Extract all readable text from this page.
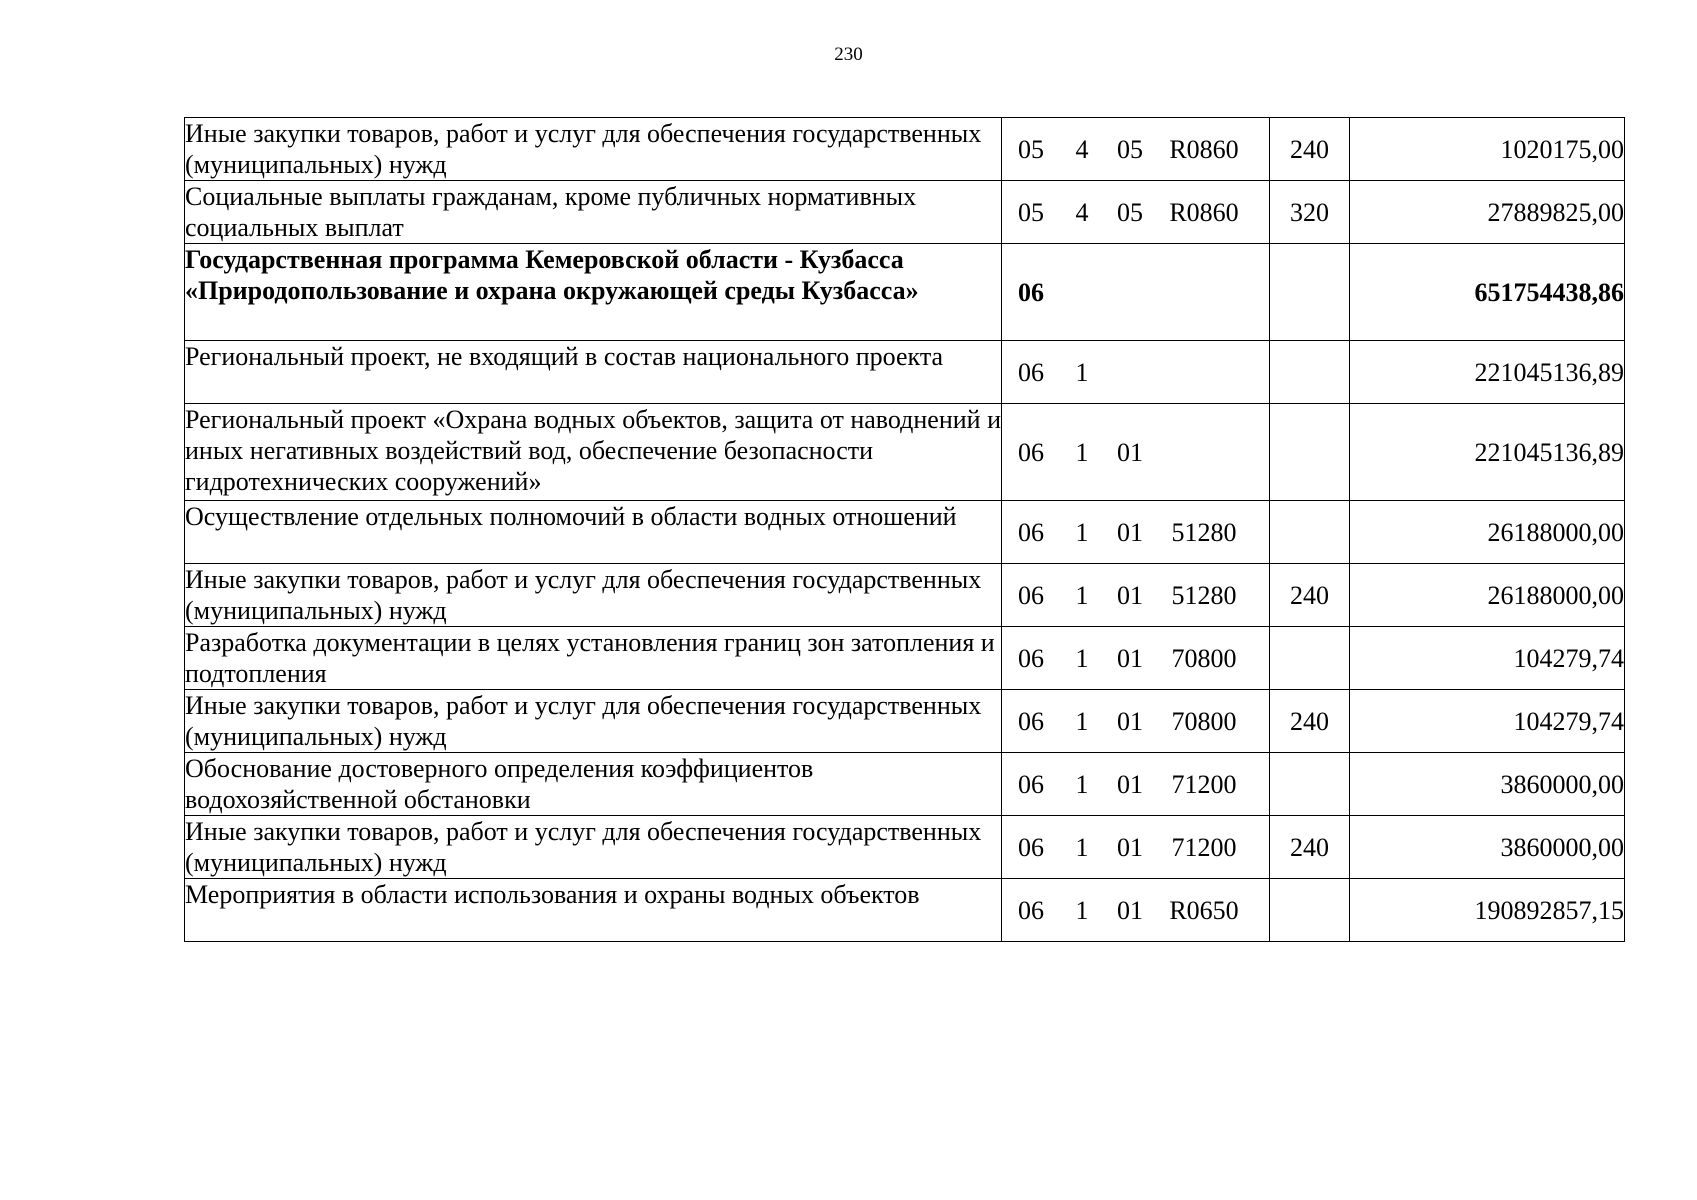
230
Иные закупки товаров, работ и услуг для обеспечения государственных (муниципальных) нужд	05 4 05 R0860	240	1020175,00
Социальные выплаты гражданам, кроме публичных нормативных социальных выплат	05 4 05 R0860	320	27889825,00
Государственная программа Кемеровской области - Кузбасса «Природопользование и охрана окружающей среды Кузбасса»	06		651754438,86
Региональный проект, не входящий в состав национального проекта	06 1		221045136,89
Региональный проект «Охрана водных объектов, защита от наводнений и иных негативных воздействий вод, обеспечение безопасности гидротехнических сооружений»	06 1 01		221045136,89
Осуществление отдельных полномочий в области водных отношений	06 1 01 51280		26188000,00
Иные закупки товаров, работ и услуг для обеспечения государственных (муниципальных) нужд	06 1 01 51280	240	26188000,00
Разработка документации в целях установления границ зон затопления и подтопления	06 1 01 70800		104279,74
Иные закупки товаров, работ и услуг для обеспечения государственных (муниципальных) нужд	06 1 01 70800	240	104279,74
Обоснование достоверного определения коэффициентов водохозяйственной обстановки	06 1 01 71200		3860000,00
Иные закупки товаров, работ и услуг для обеспечения государственных (муниципальных) нужд	06 1 01 71200	240	3860000,00
Мероприятия в области использования и охраны водных объектов	06 1 01 R0650		190892857,15
